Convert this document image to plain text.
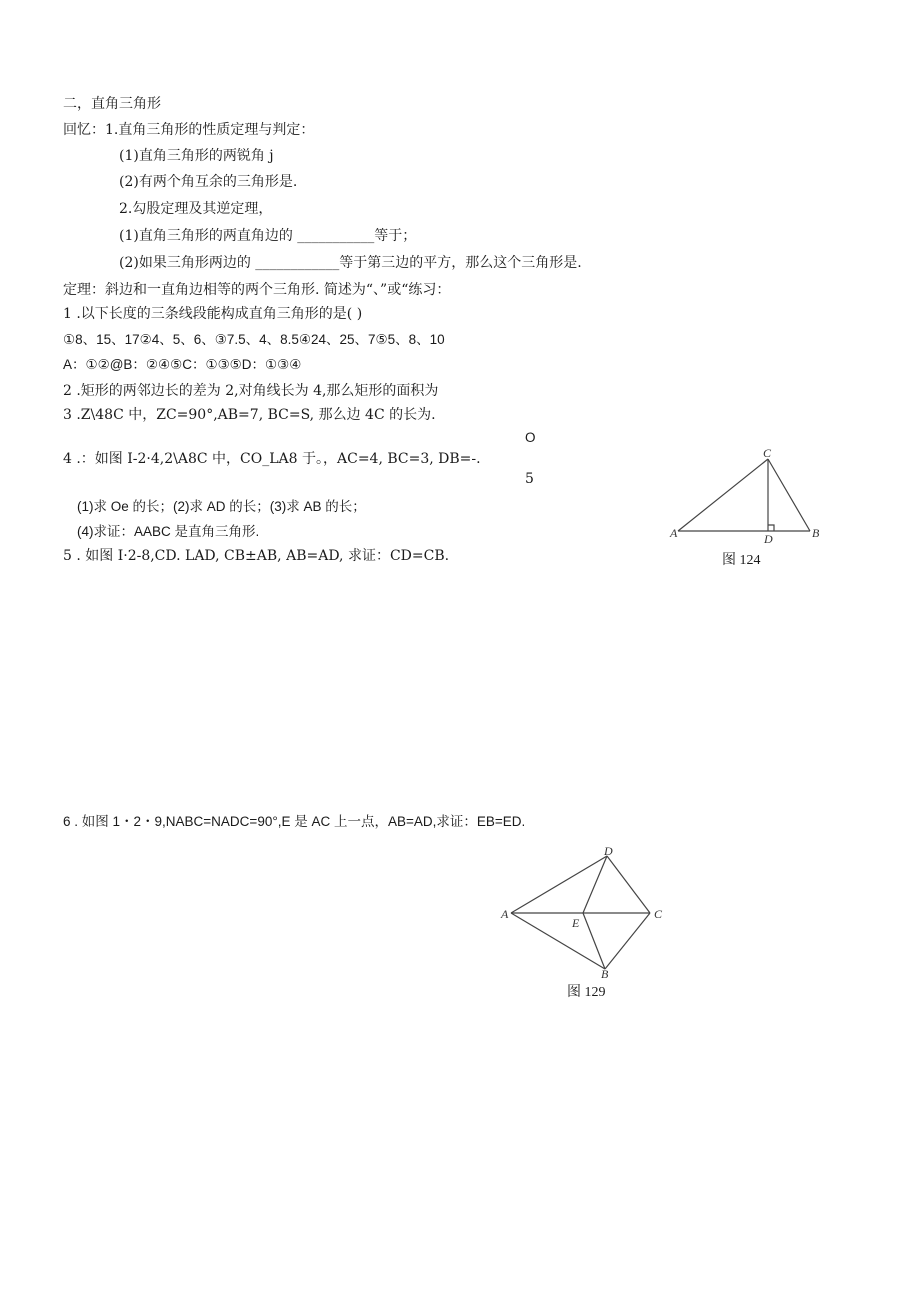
二，直角三角形
回忆：1.直角三角形的性质定理与判定：
(1)直角三角形的两锐角 j
(2)有两个角互余的三角形是.
2.勾股定理及其逆定理，
(1)直角三角形的两直角边的 ___________等于；
(2)如果三角形两边的 ____________等于第三边的平方，那么这个三角形是.
定理：斜边和一直角边相等的两个三角形. 简述为“、”或“练习：
1 .以下长度的三条线段能构成直角三角形的是( )
①8、15、17②4、5、6、③7.5、4、8.5④24、25、7⑤5、8、10
A：①②@B：②④⑤C：①③⑤D：①③④
2 .矩形的两邻边长的差为 2,对角线长为 4,那么矩形的面积为
3 .Z\48C 中，ZC=90°,AB=7, BC=S, 那么边 4C 的长为.
O
4 .：如图 I-2·4,2\A8C 中，CO_LA8 于。，AC=4, BC=3, DB=-.
5
(1)求 Oe 的长；(2)求 AD 的长；(3)求 AB 的长；
(4)求证：AABC 是直角三角形.
5 . 如图 I·2-8,CD. LAD, CB±AB, AB=AD, 求证：CD=CB.
6 . 如图 1・2・9,NABC=NADC=90°,E 是 AC 上一点，AB=AD,求证：EB=ED.
A	B
C
D
图 124
A
B
C
D
E
图 129
